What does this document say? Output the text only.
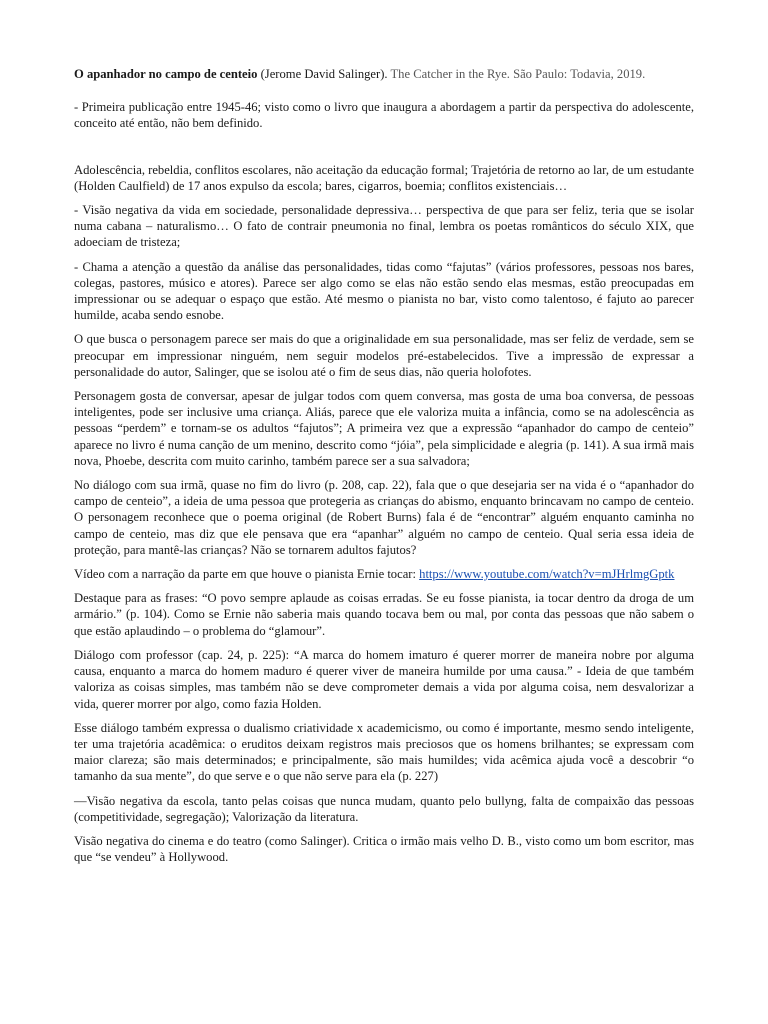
O apanhador no campo de centeio (Jerome David Salinger). The Catcher in the Rye. São Paulo: Todavia, 2019.

- Primeira publicação entre 1945-46; visto como o livro que inaugura a abordagem a partir da perspectiva do adolescente, conceito até então, não bem definido.

Adolescência, rebeldia, conflitos escolares, não aceitação da educação formal; Trajetória de retorno ao lar, de um estudante (Holden Caulfield) de 17 anos expulso da escola; bares, cigarros, boemia; conflitos existenciais…

- Visão negativa da vida em sociedade, personalidade depressiva… perspectiva de que para ser feliz, teria que se isolar numa cabana – naturalismo… O fato de contrair pneumonia no final, lembra os poetas românticos do século XIX, que adoeciam de tristeza;

- Chama a atenção a questão da análise das personalidades, tidas como “fajutas” (vários professores, pessoas nos bares, colegas, pastores, músico e atores). Parece ser algo como se elas não estão sendo elas mesmas, estão preocupadas em impressionar ou se adequar o espaço que estão. Até mesmo o pianista no bar, visto como talentoso, é fajuto ao parecer humilde, acaba sendo esnobe.

O que busca o personagem parece ser mais do que a originalidade em sua personalidade, mas ser feliz de verdade, sem se preocupar em impressionar ninguém, nem seguir modelos pré-estabelecidos. Tive a impressão de expressar a personalidade do autor, Salinger, que se isolou até o fim de seus dias, não queria holofotes.

Personagem gosta de conversar, apesar de julgar todos com quem conversa, mas gosta de uma boa conversa, de pessoas inteligentes, pode ser inclusive uma criança. Aliás, parece que ele valoriza muita a infância, como se na adolescência as pessoas “perdem” e tornam-se os adultos “fajutos”; A primeira vez que a expressão “apanhador do campo de centeio” aparece no livro é numa canção de um menino, descrito como “jóia”, pela simplicidade e alegria (p. 141). A sua irmã mais nova, Phoebe, descrita com muito carinho, também parece ser a sua salvadora;

No diálogo com sua irmã, quase no fim do livro (p. 208, cap. 22), fala que o que desejaria ser na vida é o “apanhador do campo de centeio”, a ideia de uma pessoa que protegeria as crianças do abismo, enquanto brincavam no campo de centeio. O personagem reconhece que o poema original (de Robert Burns) fala é de “encontrar” alguém enquanto caminha no campo de centeio, mas diz que ele pensava que era “apanhar” alguém no campo de centeio. Qual seria essa ideia de proteção, para mantê-las crianças? Não se tornarem adultos fajutos?

Vídeo com a narração da parte em que houve o pianista Ernie tocar: https://www.youtube.com/watch?v=mJHrlmgGptk

Destaque para as frases: “O povo sempre aplaude as coisas erradas. Se eu fosse pianista, ia tocar dentro da droga de um armário.” (p. 104). Como se Ernie não saberia mais quando tocava bem ou mal, por conta das pessoas que não sabem o que estão aplaudindo – o problema do “glamour”.

Diálogo com professor (cap. 24, p. 225): “A marca do homem imaturo é querer morrer de maneira nobre por alguma causa, enquanto a marca do homem maduro é querer viver de maneira humilde por uma causa.” - Ideia de que também valoriza as coisas simples, mas também não se deve comprometer demais a vida por alguma coisa, nem desvalorizar a vida, querer morrer por algo, como fazia Holden.

Esse diálogo também expressa o dualismo criatividade x academicismo, ou como é importante, mesmo sendo inteligente, ter uma trajetória acadêmica: o eruditos deixam registros mais preciosos que os homens brilhantes; se expressam com maior clareza; são mais determinados; e principalmente, são mais humildes; vida acêmica ajuda você a descobrir “o tamanho da sua mente”, do que serve e o que não serve para ela (p. 227)

—Visão negativa da escola, tanto pelas coisas que nunca mudam, quanto pelo bullyng, falta de compaixão das pessoas (competitividade, segregação); Valorização da literatura.

Visão negativa do cinema e do teatro (como Salinger). Critica o irmão mais velho D. B., visto como um bom escritor, mas que “se vendeu” à Hollywood.
